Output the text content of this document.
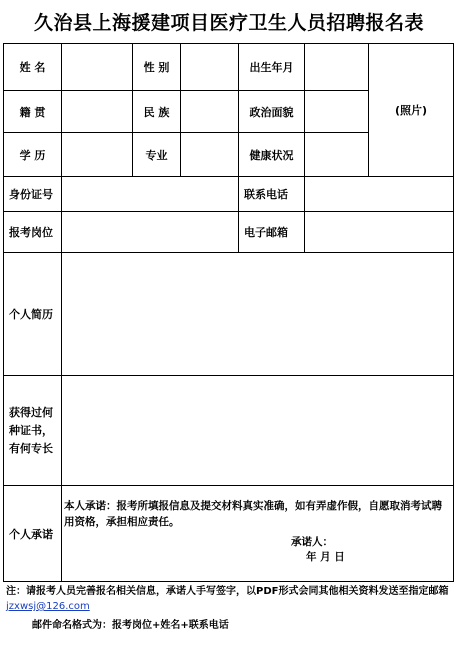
久治县上海援建项目医疗卫生人员招聘报名表
姓 名	性 别	出生年月
(照片)
籍 贯	民 族	政治面貌
学 历	专业	健康状况
身份证号	联系电话
报考岗位	电子邮箱
个人简历
获得过何种证书，有何专长
个人承诺
本人承诺：报考所填报信息及提交材料真实准确，如有弄虚作假，自愿取消考试聘用资格，承担相应责任。
承诺人：
年 月 日
注：请报考人员完善报名相关信息，承诺人手写签字，以PDF形式会同其他相关资料发送至指定邮箱 jzxwsj@126.com
邮件命名格式为：报考岗位+姓名+联系电话
